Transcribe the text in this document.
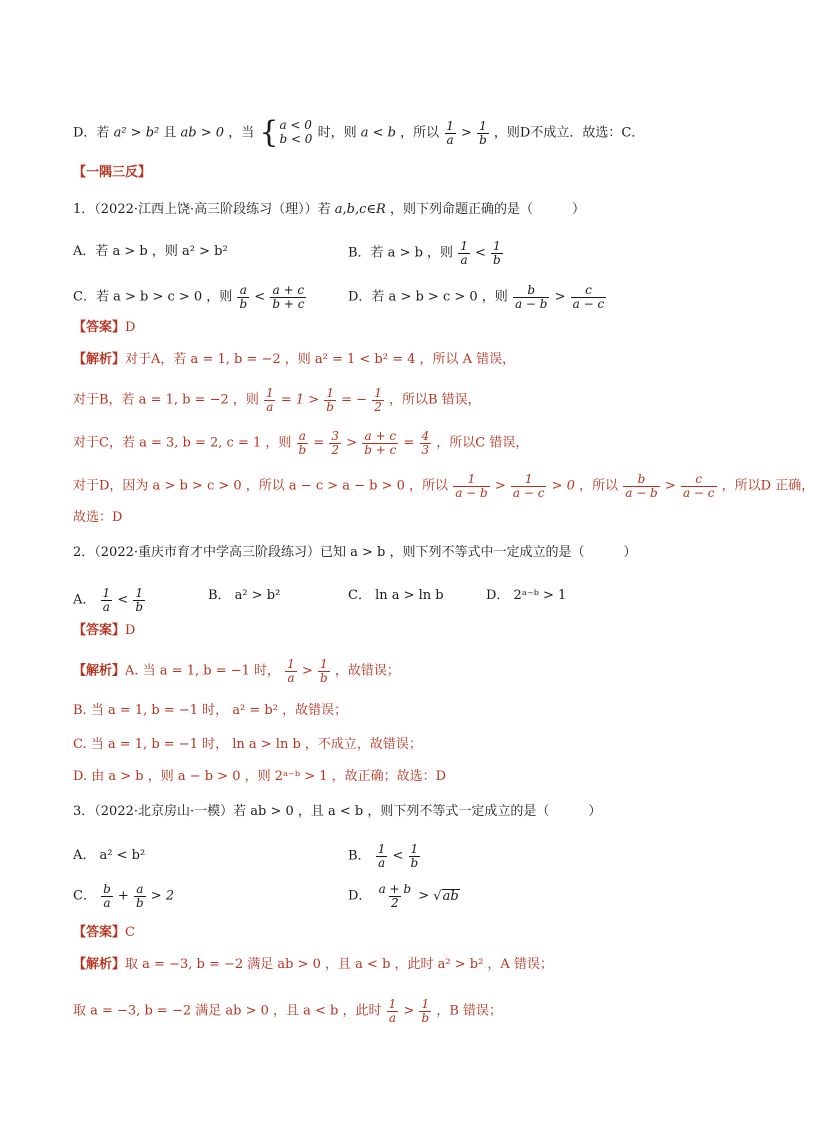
D．若 a² > b² 且 ab > 0 ，当 { a < 0
b < 0 时，则 a < b ，所以 $\frac{1}{a} > \frac{1}{b}$ ，则D不成立．故选：C．
【一隅三反】
1．（2022·江西上饶·高三阶段练习（理））若 a,b,c∈R ，则下列命题正确的是（　　　）
A．若 a > b ，则 a² > b²	B．若 a > b ，则 $\frac{1}{a} < \frac{1}{b}$
C．若 a > b > c > 0 ，则 $\frac{a}{b} < \frac{a + c}{b + c}$	D．若 a > b > c > 0 ，则 $\frac{b}{a - b} > \frac{c}{a - c}$
【答案】D
【解析】对于A，若 a = 1, b = −2 ，则 a² = 1 < b² = 4 ，所以 A 错误，
对于B，若 a = 1, b = −2 ，则 $\frac{1}{a} = 1 > \frac{1}{b}$ = − $\frac{1}{2}$ ，所以B 错误，
对于C，若 a = 3, b = 2, c = 1 ，则 $\frac{a}{b} = \frac{3}{2} > \frac{a + c}{b + c} = \frac{4}{3}$ ，所以C 错误，
对于D，因为 a > b > c > 0 ，所以 a − c > a − b > 0 ，所以 $\frac{1}{a - b} > \frac{1}{a - c} > 0$ ，所以 $\frac{b}{a - b} > \frac{c}{a - c}$ ，所以D 正确，
故选：D
2．（2022·重庆市育才中学高三阶段练习）已知 a > b ，则下列不等式中一定成立的是（　　　）
A． $\frac{1}{a} < \frac{1}{b}$	B． a² > b²	C． ln a > ln b	D． 2ᵃ⁻ᵇ > 1
【答案】D
【解析】A. 当 a = 1, b = −1 时， $\frac{1}{a} > \frac{1}{b}$ ，故错误；
B. 当 a = 1, b = −1 时， a² = b² ，故错误；
C. 当 a = 1, b = −1 时， ln a > ln b ，不成立，故错误；
D. 由 a > b ，则 a − b > 0 ，则 2ᵃ⁻ᵇ > 1 ，故正确；故选：D
3．（2022·北京房山·一模）若 ab > 0 ，且 a < b ，则下列不等式一定成立的是（　　　）
A． a² < b²	B． $\frac{1}{a} < \frac{1}{b}$
C． $\frac{b}{a} + \frac{a}{b} > 2$	D． $\frac{a + b}{2}$ > √ ab
【答案】C
【解析】取 a = −3, b = −2 满足 ab > 0 ，且 a < b ，此时 a² > b² ，A 错误；
取 a = −3, b = −2 满足 ab > 0 ，且 a < b ，此时 $\frac{1}{a} > \frac{1}{b}$ ，B 错误；
